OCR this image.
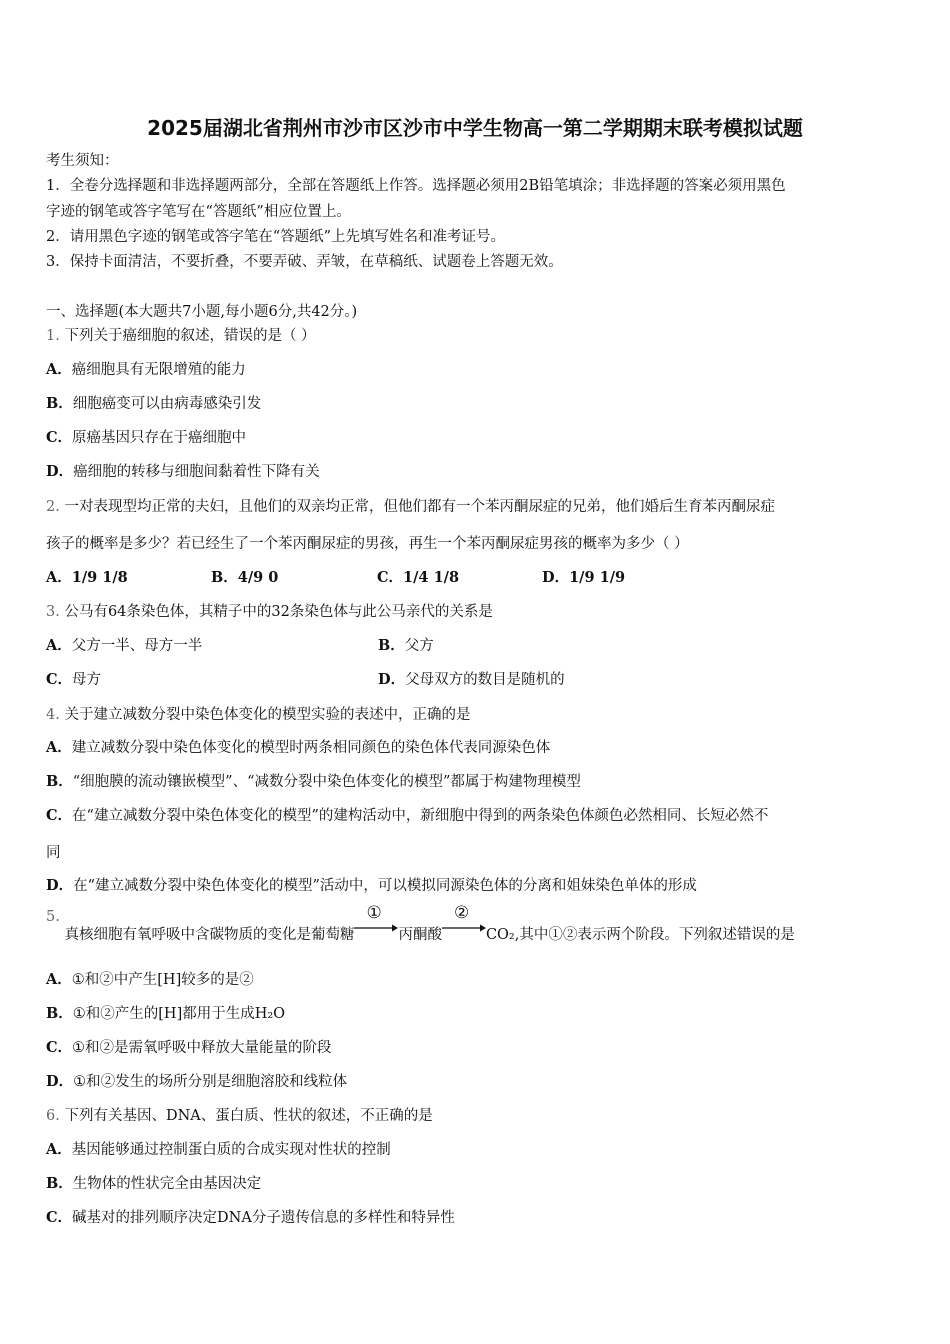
2025届湖北省荆州市沙市区沙市中学生物高一第二学期期末联考模拟试题
考生须知：
1．全卷分选择题和非选择题两部分，全部在答题纸上作答。选择题必须用2B铅笔填涂；非选择题的答案必须用黑色
字迹的钢笔或答字笔写在“答题纸”相应位置上。
2．请用黑色字迹的钢笔或答字笔在“答题纸”上先填写姓名和准考证号。
3．保持卡面清洁，不要折叠，不要弄破、弄皱，在草稿纸、试题卷上答题无效。
一、选择题(本大题共7小题,每小题6分,共42分。)
1. 下列关于癌细胞的叙述，错误的是（ ）
A．癌细胞具有无限增殖的能力
B．细胞癌变可以由病毒感染引发
C．原癌基因只存在于癌细胞中
D．癌细胞的转移与细胞间黏着性下降有关
2. 一对表现型均正常的夫妇，且他们的双亲均正常，但他们都有一个苯丙酮尿症的兄弟，他们婚后生育苯丙酮尿症
孩子的概率是多少？若已经生了一个苯丙酮尿症的男孩，再生一个苯丙酮尿症男孩的概率为多少（ ）
A．1/9 1/8	B．4/9 0	C．1/4 1/8	D．1/9 1/9
3. 公马有64条染色体，其精子中的32条染色体与此公马亲代的关系是
A．父方一半、母方一半	B．父方
C．母方	D．父母双方的数目是随机的
4. 关于建立减数分裂中染色体变化的模型实验的表述中，正确的是
A．建立减数分裂中染色体变化的模型时两条相同颜色的染色体代表同源染色体
B．“细胞膜的流动镶嵌模型”、“减数分裂中染色体变化的模型”都属于构建物理模型
C．在“建立减数分裂中染色体变化的模型”的建构活动中，新细胞中得到的两条染色体颜色必然相同、长短必然不
同
D．在“建立减数分裂中染色体变化的模型”活动中，可以模拟同源染色体的分离和姐妹染色单体的形成
5. 真核细胞有氧呼吸中含碳物质的变化是葡萄糖
①
丙酮酸
②
CO₂,其中①②表示两个阶段。下列叙述错误的是
A．①和②中产生[H]较多的是②
B．①和②产生的[H]都用于生成H₂O
C．①和②是需氧呼吸中释放大量能量的阶段
D．①和②发生的场所分别是细胞溶胶和线粒体
6. 下列有关基因、DNA、蛋白质、性状的叙述，不正确的是
A．基因能够通过控制蛋白质的合成实现对性状的控制
B．生物体的性状完全由基因决定
C．碱基对的排列顺序决定DNA分子遗传信息的多样性和特异性
